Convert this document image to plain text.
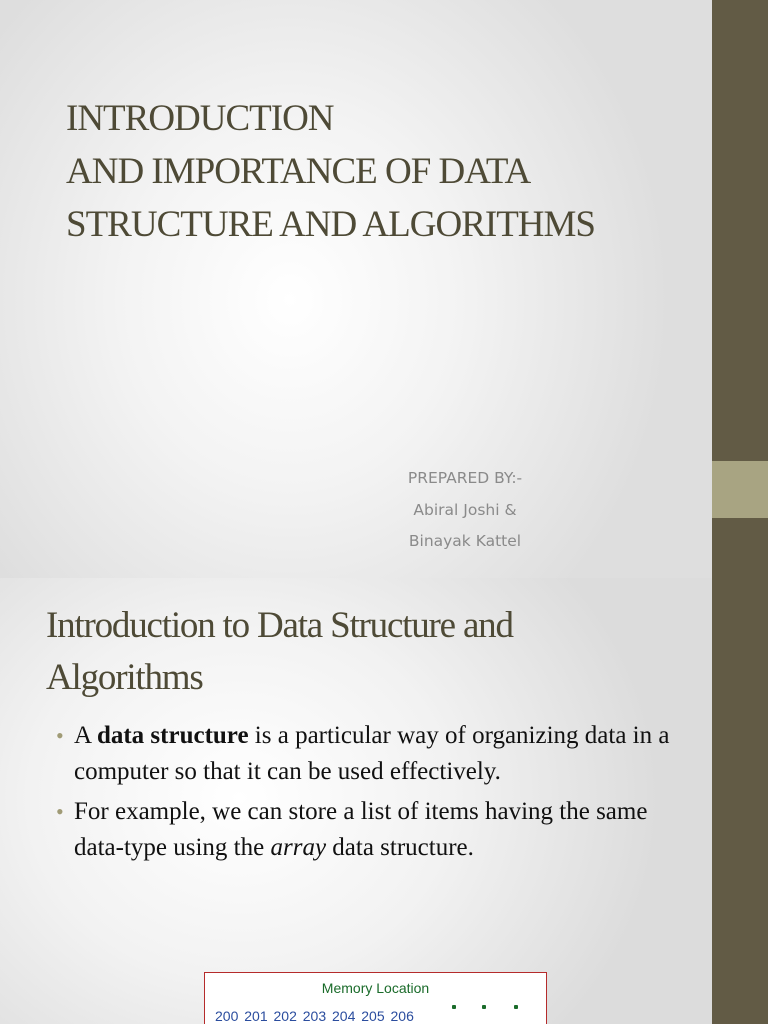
INTRODUCTION
AND IMPORTANCE OF DATA
STRUCTURE AND ALGORITHMS
PREPARED BY:-
Abiral Joshi &
Binayak Kattel
Introduction to Data Structure and
Algorithms
• A data structure is a particular way of organizing data in a computer so that it can be used effectively.
• For example, we can store a list of items having the same data-type using the array data structure.
Memory Location
200 201 202 203 204 205 206
